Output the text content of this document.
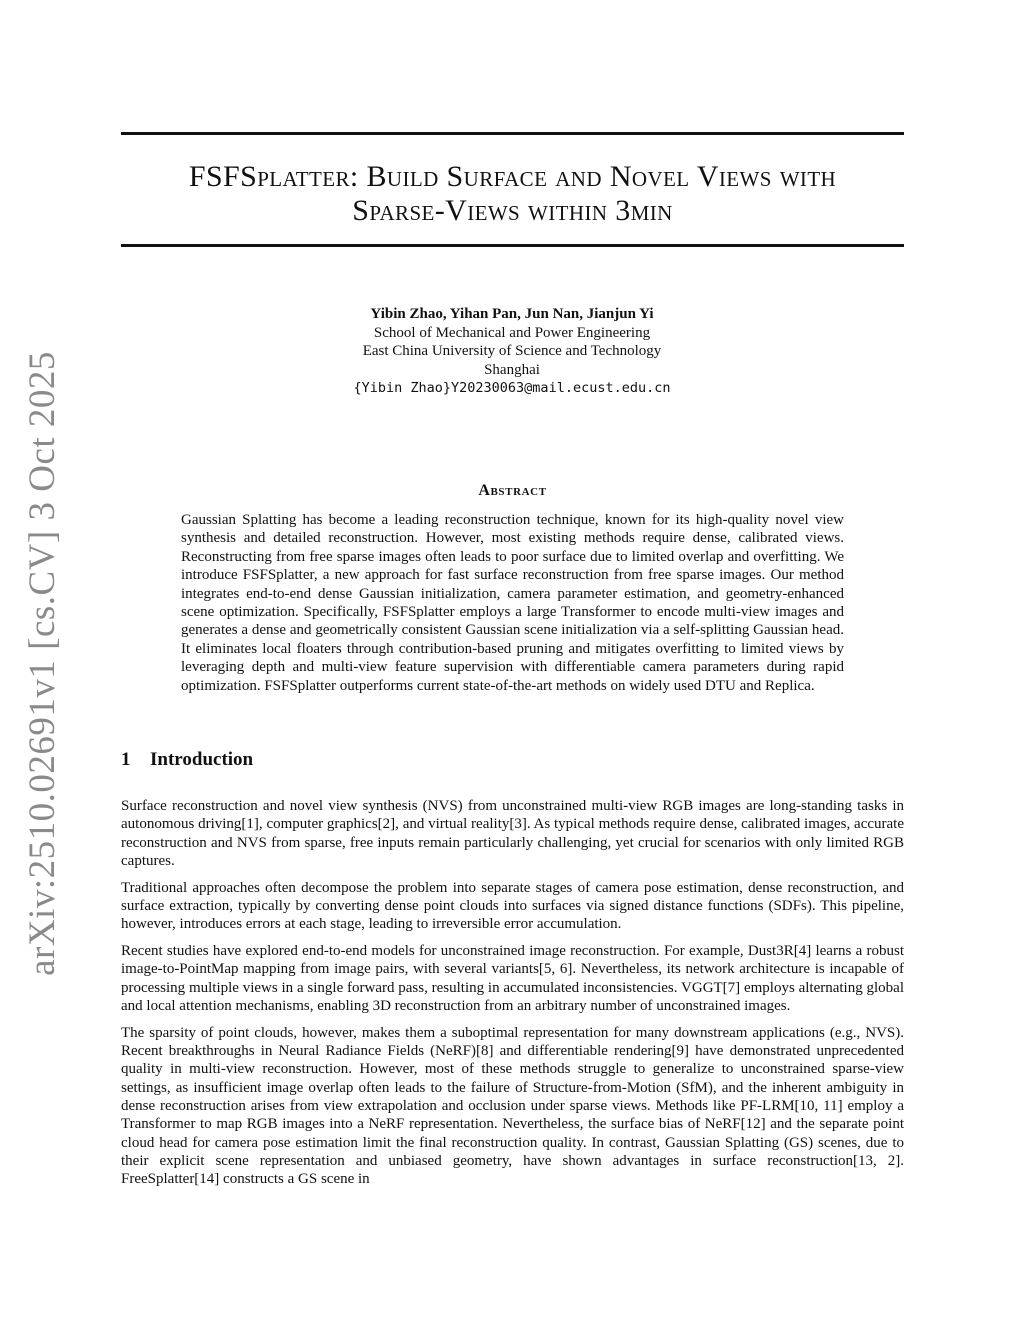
arXiv:2510.02691v1 [cs.CV] 3 Oct 2025
FSFSplatter: Build Surface and Novel Views with
Sparse-Views within 3min
Yibin Zhao, Yihan Pan, Jun Nan, Jianjun Yi
School of Mechanical and Power Engineering
East China University of Science and Technology
Shanghai
{Yibin Zhao}Y20230063@mail.ecust.edu.cn
Abstract
Gaussian Splatting has become a leading reconstruction technique, known for its high-quality novel view synthesis and detailed reconstruction. However, most existing methods require dense, calibrated views. Reconstructing from free sparse images often leads to poor surface due to limited overlap and overfitting. We introduce FSFSplatter, a new approach for fast surface reconstruction from free sparse images. Our method integrates end-to-end dense Gaussian initialization, camera parameter estimation, and geometry-enhanced scene optimization. Specifically, FSFSplatter employs a large Transformer to encode multi-view images and generates a dense and geometrically consistent Gaussian scene initialization via a self-splitting Gaussian head. It eliminates local floaters through contribution-based pruning and mitigates overfitting to limited views by leveraging depth and multi-view feature supervision with differentiable camera parameters during rapid optimization. FSFSplatter outperforms current state-of-the-art methods on widely used DTU and Replica.
1 Introduction

Surface reconstruction and novel view synthesis (NVS) from unconstrained multi-view RGB images are long-standing tasks in autonomous driving[1], computer graphics[2], and virtual reality[3]. As typical methods require dense, calibrated images, accurate reconstruction and NVS from sparse, free inputs remain particularly challenging, yet crucial for scenarios with only limited RGB captures.

Traditional approaches often decompose the problem into separate stages of camera pose estimation, dense reconstruction, and surface extraction, typically by converting dense point clouds into surfaces via signed distance functions (SDFs). This pipeline, however, introduces errors at each stage, leading to irreversible error accumulation.

Recent studies have explored end-to-end models for unconstrained image reconstruction. For example, Dust3R[4] learns a robust image-to-PointMap mapping from image pairs, with several variants[5, 6]. Nevertheless, its network architecture is incapable of processing multiple views in a single forward pass, resulting in accumulated inconsistencies. VGGT[7] employs alternating global and local attention mechanisms, enabling 3D reconstruction from an arbitrary number of unconstrained images.

The sparsity of point clouds, however, makes them a suboptimal representation for many downstream applications (e.g., NVS). Recent breakthroughs in Neural Radiance Fields (NeRF)[8] and differentiable rendering[9] have demonstrated unprecedented quality in multi-view reconstruction. However, most of these methods struggle to generalize to unconstrained sparse-view settings, as insufficient image overlap often leads to the failure of Structure-from-Motion (SfM), and the inherent ambiguity in dense reconstruction arises from view extrapolation and occlusion under sparse views. Methods like PF-LRM[10, 11] employ a Transformer to map RGB images into a NeRF representation. Nevertheless, the surface bias of NeRF[12] and the separate point cloud head for camera pose estimation limit the final reconstruction quality. In contrast, Gaussian Splatting (GS) scenes, due to their explicit scene representation and unbiased geometry, have shown advantages in surface reconstruction[13, 2]. FreeSplatter[14] constructs a GS scene in
